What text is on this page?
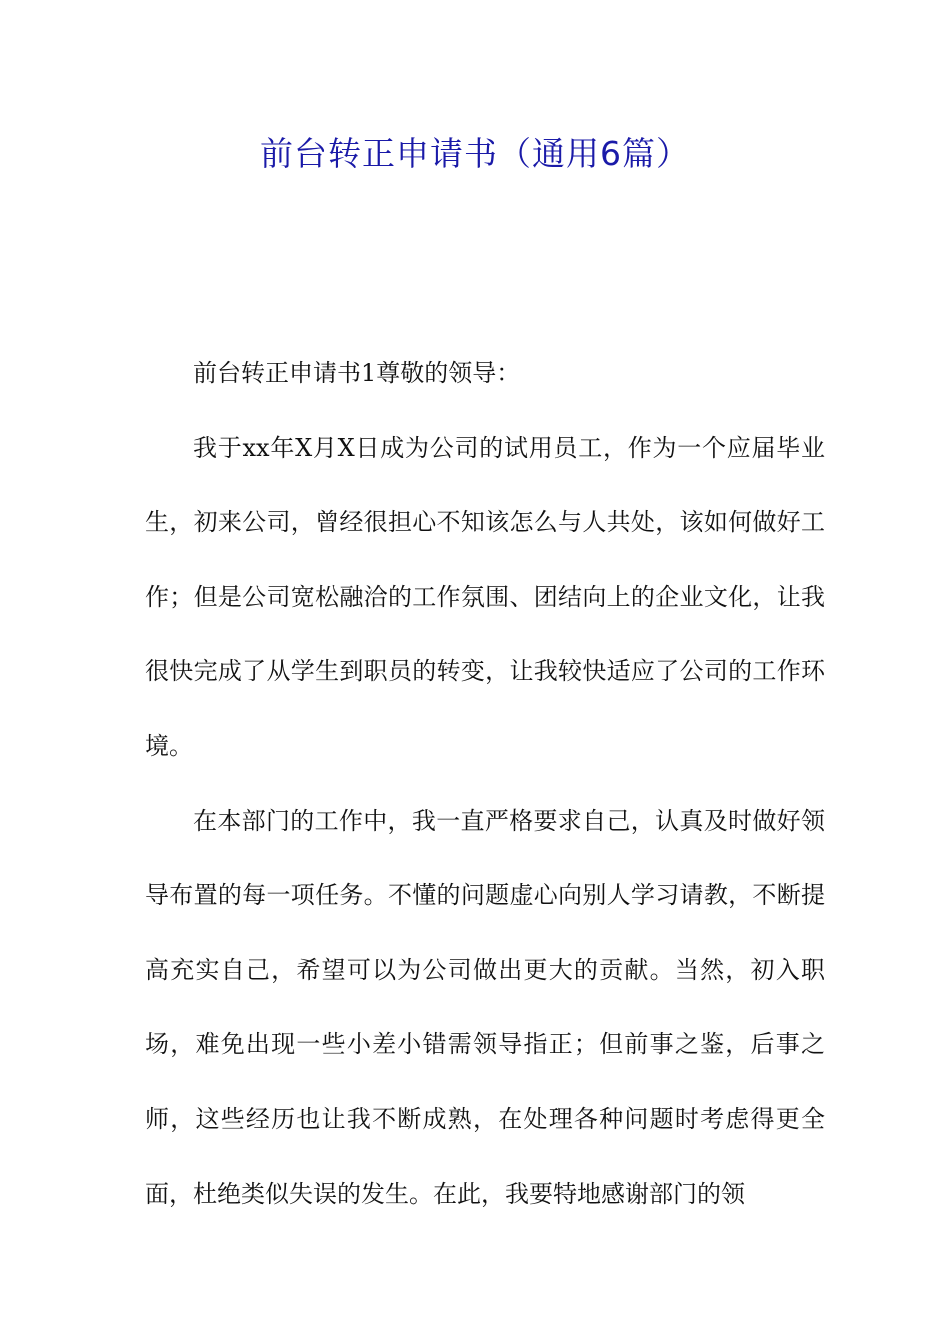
前台转正申请书（通用6篇）

前台转正申请书1尊敬的领导：

我于xx年X月X日成为公司的试用员工，作为一个应届毕业生，初来公司，曾经很担心不知该怎么与人共处，该如何做好工作；但是公司宽松融洽的工作氛围、团结向上的企业文化，让我很快完成了从学生到职员的转变，让我较快适应了公司的工作环境。

在本部门的工作中，我一直严格要求自己，认真及时做好领导布置的每一项任务。不懂的问题虚心向别人学习请教，不断提高充实自己，希望可以为公司做出更大的贡献。当然，初入职场，难免出现一些小差小错需领导指正；但前事之鉴，后事之师，这些经历也让我不断成熟，在处理各种问题时考虑得更全面，杜绝类似失误的发生。在此，我要特地感谢部门的领
